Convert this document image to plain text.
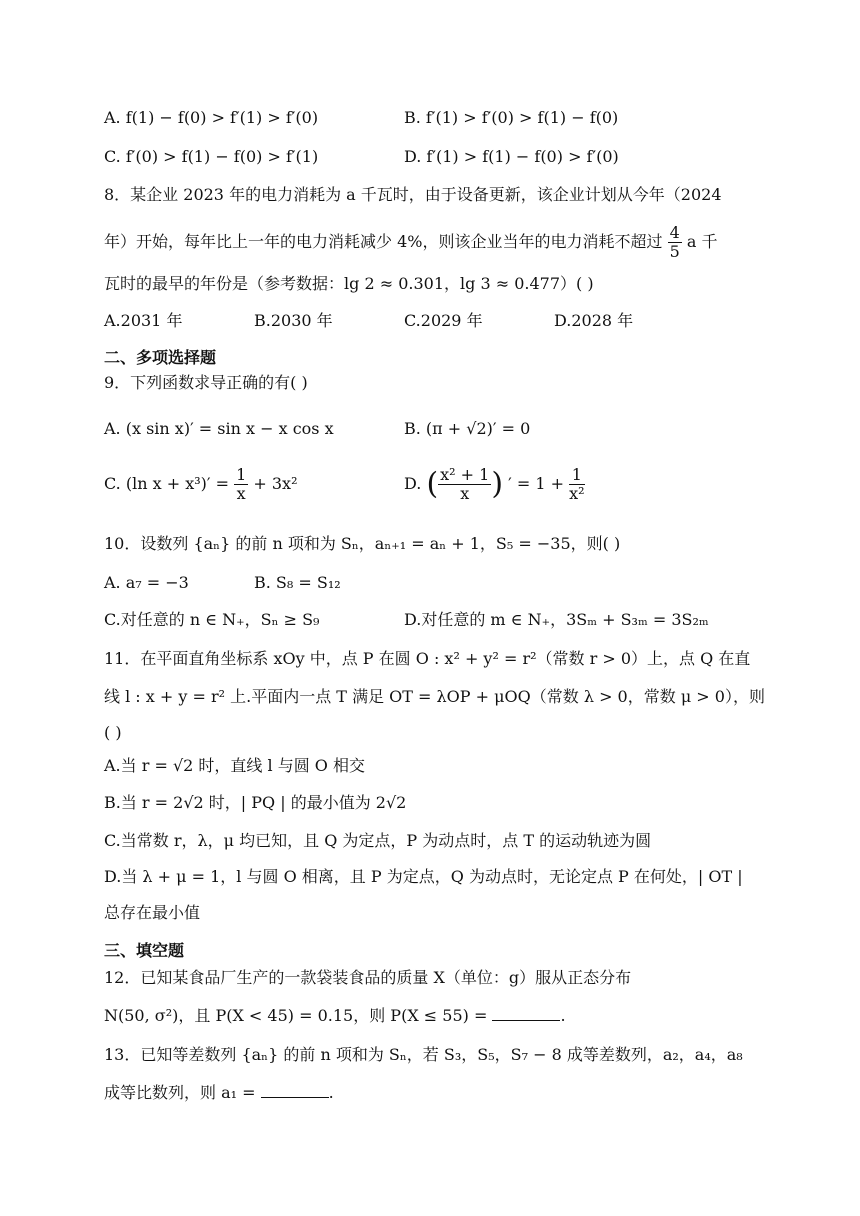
A. f(1) − f(0) > f′(1) > f′(0)	B. f′(1) > f′(0) > f(1) − f(0)
C. f′(0) > f(1) − f(0) > f′(1)	D. f′(1) > f(1) − f(0) > f′(0)
8．某企业 2023 年的电力消耗为 a 千瓦时，由于设备更新，该企业计划从今年（2024
年）开始，每年比上一年的电力消耗减少 4%，则该企业当年的电力消耗不超过 $\frac{4}{5}$ a 千
瓦时的最早的年份是（参考数据：lg 2 ≈ 0.301，lg 3 ≈ 0.477）( )
A.2031 年	B.2030 年	C.2029 年	D.2028 年
二、多项选择题
9．下列函数求导正确的有( )
A. (x sin x)′ = sin x − x cos x	B. (π + √2)′ = 0
C. (ln $x + x^3)' = \frac{1}{x} + 3x^2$	D. ( $\frac{\text{x² + 1}}{x}$ ) ′ = $1 + \frac{1}{\text{x²}}$
10．设数列 {aₙ} 的前 n 项和为 Sₙ，aₙ₊₁ = aₙ + 1，S₅ = −35，则( )
A. a₇ = −3	B. S₈ = S₁₂
C.对任意的 n ∈ N₊，Sₙ ≥ S₉	D.对任意的 m ∈ N₊，3Sₘ + S₃ₘ = 3S₂ₘ
11．在平面直角坐标系 xOy 中，点 P 在圆 O : x² + y² = r²（常数 r > 0）上，点 Q 在直
线 l : x + y = r² 上.平面内一点 T 满足 OT = λOP + μOQ（常数 λ > 0，常数 μ > 0），则
( )
A.当 r = √2 时，直线 l 与圆 O 相交
B.当 r = 2√2 时，| PQ | 的最小值为 2√2
C.当常数 r，λ，μ 均已知，且 Q 为定点，P 为动点时，点 T 的运动轨迹为圆
D.当 λ + μ = 1，l 与圆 O 相离，且 P 为定点，Q 为动点时，无论定点 P 在何处，| OT |
总存在最小值
三、填空题
12．已知某食品厂生产的一款袋装食品的质量 X（单位：g）服从正态分布
N(50, σ²)，且 P(X < 45) = 0.15，则 P(X ≤ 55) =	.
13．已知等差数列 {aₙ} 的前 n 项和为 Sₙ，若 S₃，S₅，S₇ − 8 成等差数列，a₂，a₄，a₈
成等比数列，则 a₁ =	.
